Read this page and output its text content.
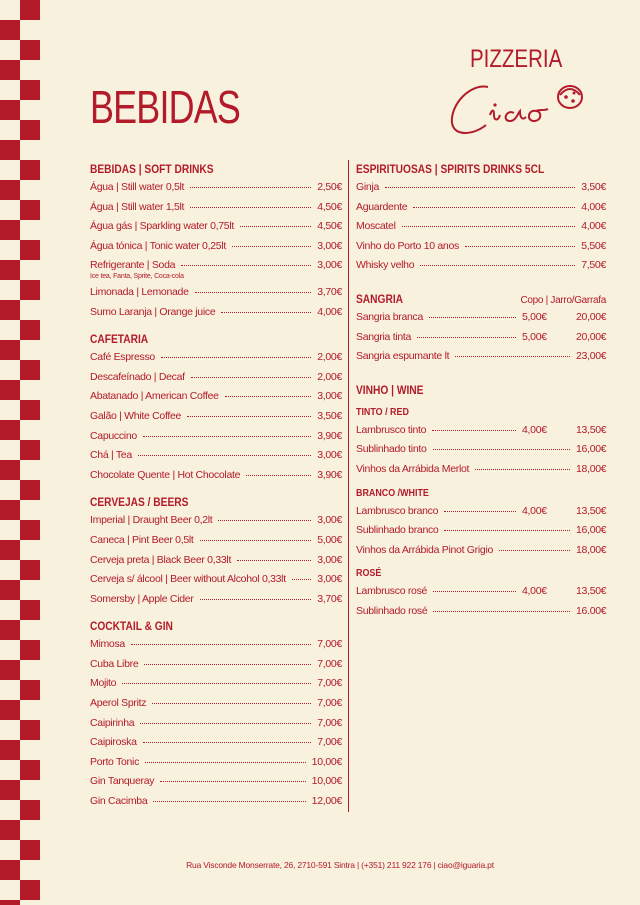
BEBIDAS
PIZZERIA
BEBIDAS | SOFT DRINKS
Água | Still water 0,5lt	2,50€
Água | Still water 1,5lt	4,50€
Água gás | Sparkling water 0,75lt	4,50€
Água tónica | Tonic water 0,25lt	3,00€
Refrigerante | Soda	3,00€
Ice tea, Fanta, Sprite, Coca-cola
Limonada | Lemonade	3,70€
Sumo Laranja | Orange juice	4,00€
CAFETARIA
Café Espresso	2,00€
Descafeínado | Decaf	2,00€
Abatanado | American Coffee	3,00€
Galão | White Coffee	3,50€
Capuccino	3,90€
Chá | Tea	3,00€
Chocolate Quente | Hot Chocolate	3,90€
CERVEJAS / BEERS
Imperial | Draught Beer 0,2lt	3,00€
Caneca | Pint Beer 0,5lt	5,00€
Cerveja preta | Black Beer 0,33lt	3,00€
Cerveja s/ álcool | Beer without Alcohol 0,33lt	3,00€
Somersby | Apple Cider	3,70€
COCKTAIL & GIN
Mimosa	7,00€
Cuba Libre	7,00€
Mojito	7,00€
Aperol Spritz	7,00€
Caipirinha	7,00€
Caipiroska	7,00€
Porto Tonic	10,00€
Gin Tanqueray	10,00€
Gin Cacimba	12,00€
ESPIRITUOSAS | SPIRITS DRINKS 5CL
Ginja	3,50€
Aguardente	4,00€
Moscatel	4,00€
Vinho do Porto 10 anos	5,50€
Whisky velho	7,50€
SANGRIA	Copo | Jarro/Garrafa
Sangria branca	5,00€	20,00€
Sangria tinta	5,00€	20,00€
Sangria espumante lt	23,00€
VINHO | WINE
TINTO / RED
Lambrusco tinto	4,00€	13,50€
Sublinhado tinto	16,00€
Vinhos da Arrábida Merlot	18,00€
BRANCO /WHITE
Lambrusco branco	4,00€	13,50€
Sublinhado branco	16,00€
Vinhos da Arrábida Pinot Grigio	18,00€
ROSÉ
Lambrusco rosé	4,00€	13,50€
Sublinhado rosé	16.00€
Rua Visconde Monserrate, 26, 2710-591 Sintra | (+351) 211 922 176 | ciao@iguaria.pt
